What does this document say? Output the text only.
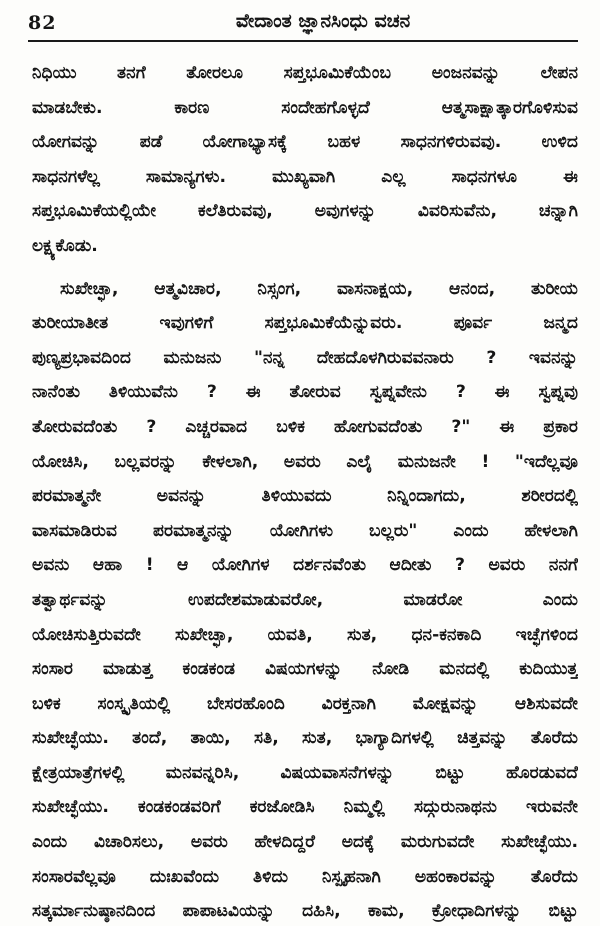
82	ವೇದಾಂತ ಜ್ಞಾನಸಿಂಧು ವಚನ
ನಿಧಿಯು ತನಗೆ ತೋರಲೂ ಸಪ್ತಭೂಮಿಕೆಯೆಂಬ ಅಂಜನವನ್ನು ಲೇಪನ
ಮಾಡಬೇಕು. ಕಾರಣ ಸಂದೇಹಗೊಳ್ಳದೆ ಆತ್ಮಸಾಕ್ಷಾತ್ಕಾರಗೊಳಿಸುವ
ಯೋಗವನ್ನು ಪಡೆ ಯೋಗಾಭ್ಯಾಸಕ್ಕೆ ಬಹಳ ಸಾಧನಗಳಿರುವವು. ಉಳಿದ
ಸಾಧನಗಳೆಲ್ಲ ಸಾಮಾನ್ಯಗಳು. ಮುಖ್ಯವಾಗಿ ಎಲ್ಲ ಸಾಧನಗಳೂ ಈ
ಸಪ್ತಭೂಮಿಕೆಯಲ್ಲಿಯೇ ಕಲೆತಿರುವವು, ಅವುಗಳನ್ನು ವಿವರಿಸುವೆನು, ಚನ್ನಾಗಿ
ಲಕ್ಷ್ಯಕೊಡು.
ಸುಖೇಚ್ಛಾ, ಆತ್ಮವಿಚಾರ, ನಿಸ್ಸಂಗ, ವಾಸನಾಕ್ಷಯ, ಆನಂದ, ತುರೀಯ
ತುರೀಯಾತೀತ ಇವುಗಳಿಗೆ ಸಪ್ತಭೂಮಿಕೆಯೆನ್ನುವರು. ಪೂರ್ವ ಜನ್ಮದ
ಪುಣ್ಯಪ್ರಭಾವದಿಂದ ಮನುಜನು "ನನ್ನ ದೇಹದೊಳಗಿರುವವನಾರು ? ಇವನನ್ನು
ನಾನೆಂತು ತಿಳಿಯುವೆನು ? ಈ ತೋರುವ ಸ್ವಪ್ನವೇನು ? ಈ ಸ್ವಪ್ನವು
ತೋರುವದೆಂತು ? ಎಚ್ಚರವಾದ ಬಳಿಕ ಹೋಗುವದೆಂತು ?" ಈ ಪ್ರಕಾರ
ಯೋಚಿಸಿ, ಬಲ್ಲವರನ್ನು ಕೇಳಲಾಗಿ, ಅವರು ಎಲೈ ಮನುಜನೇ ! "ಇದೆಲ್ಲವೂ
ಪರಮಾತ್ಮನೇ ಅವನನ್ನು ತಿಳಿಯುವದು ನಿನ್ನಿಂದಾಗದು, ಶರೀರದಲ್ಲಿ
ವಾಸಮಾಡಿರುವ ಪರಮಾತ್ಮನನ್ನು ಯೋಗಿಗಳು ಬಲ್ಲರು" ಎಂದು ಹೇಳಲಾಗಿ
ಅವನು ಆಹಾ ! ಆ ಯೋಗಿಗಳ ದರ್ಶನವೆಂತು ಆದೀತು ? ಅವರು ನನಗೆ
ತತ್ವಾರ್ಥವನ್ನು ಉಪದೇಶಮಾಡುವರೋ, ಮಾಡರೋ ಎಂದು
ಯೋಚಿಸುತ್ತಿರುವದೇ ಸುಖೇಚ್ಛಾ, ಯವತಿ, ಸುತ, ಧನ-ಕನಕಾದಿ ಇಚ್ಛೆಗಳಿಂದ
ಸಂಸಾರ ಮಾಡುತ್ತ ಕಂಡಕಂಡ ವಿಷಯಗಳನ್ನು ನೋಡಿ ಮನದಲ್ಲಿ ಕುದಿಯುತ್ತ
ಬಳಿಕ ಸಂಸ್ಕೃತಿಯಲ್ಲಿ ಬೇಸರಹೊಂದಿ ವಿರಕ್ತನಾಗಿ ಮೋಕ್ಷವನ್ನು ಆಶಿಸುವದೇ
ಸುಖೇಚ್ಛೆಯು. ತಂದೆ, ತಾಯಿ, ಸತಿ, ಸುತ, ಭಾಗ್ಯಾದಿಗಳಲ್ಲಿ ಚಿತ್ತವನ್ನು ತೊರೆದು
ಕ್ಷೇತ್ರಯಾತ್ರೆಗಳಲ್ಲಿ ಮನವನ್ನರಿಸಿ, ವಿಷಯವಾಸನೆಗಳನ್ನು ಬಿಟ್ಟು ಹೊರಡುವದೆ
ಸುಖೇಚ್ಛೆಯು. ಕಂಡಕಂಡವರಿಗೆ ಕರಜೋಡಿಸಿ ನಿಮ್ಮಲ್ಲಿ ಸದ್ಗುರುನಾಥನು ಇರುವನೇ
ಎಂದು ವಿಚಾರಿಸಲು, ಅವರು ಹೇಳದಿದ್ದರೆ ಅದಕ್ಕೆ ಮರುಗುವದೇ ಸುಖೇಚ್ಛೆಯು.
ಸಂಸಾರವೆಲ್ಲವೂ ದುಃಖವೆಂದು ತಿಳಿದು ನಿಸ್ಪೃಹನಾಗಿ ಅಹಂಕಾರವನ್ನು ತೊರೆದು
ಸತ್ಕರ್ಮಾನುಷ್ಠಾನದಿಂದ ಪಾಪಾಟವಿಯನ್ನು ದಹಿಸಿ, ಕಾಮ, ಕ್ರೋಧಾದಿಗಳನ್ನು ಬಿಟ್ಟು
